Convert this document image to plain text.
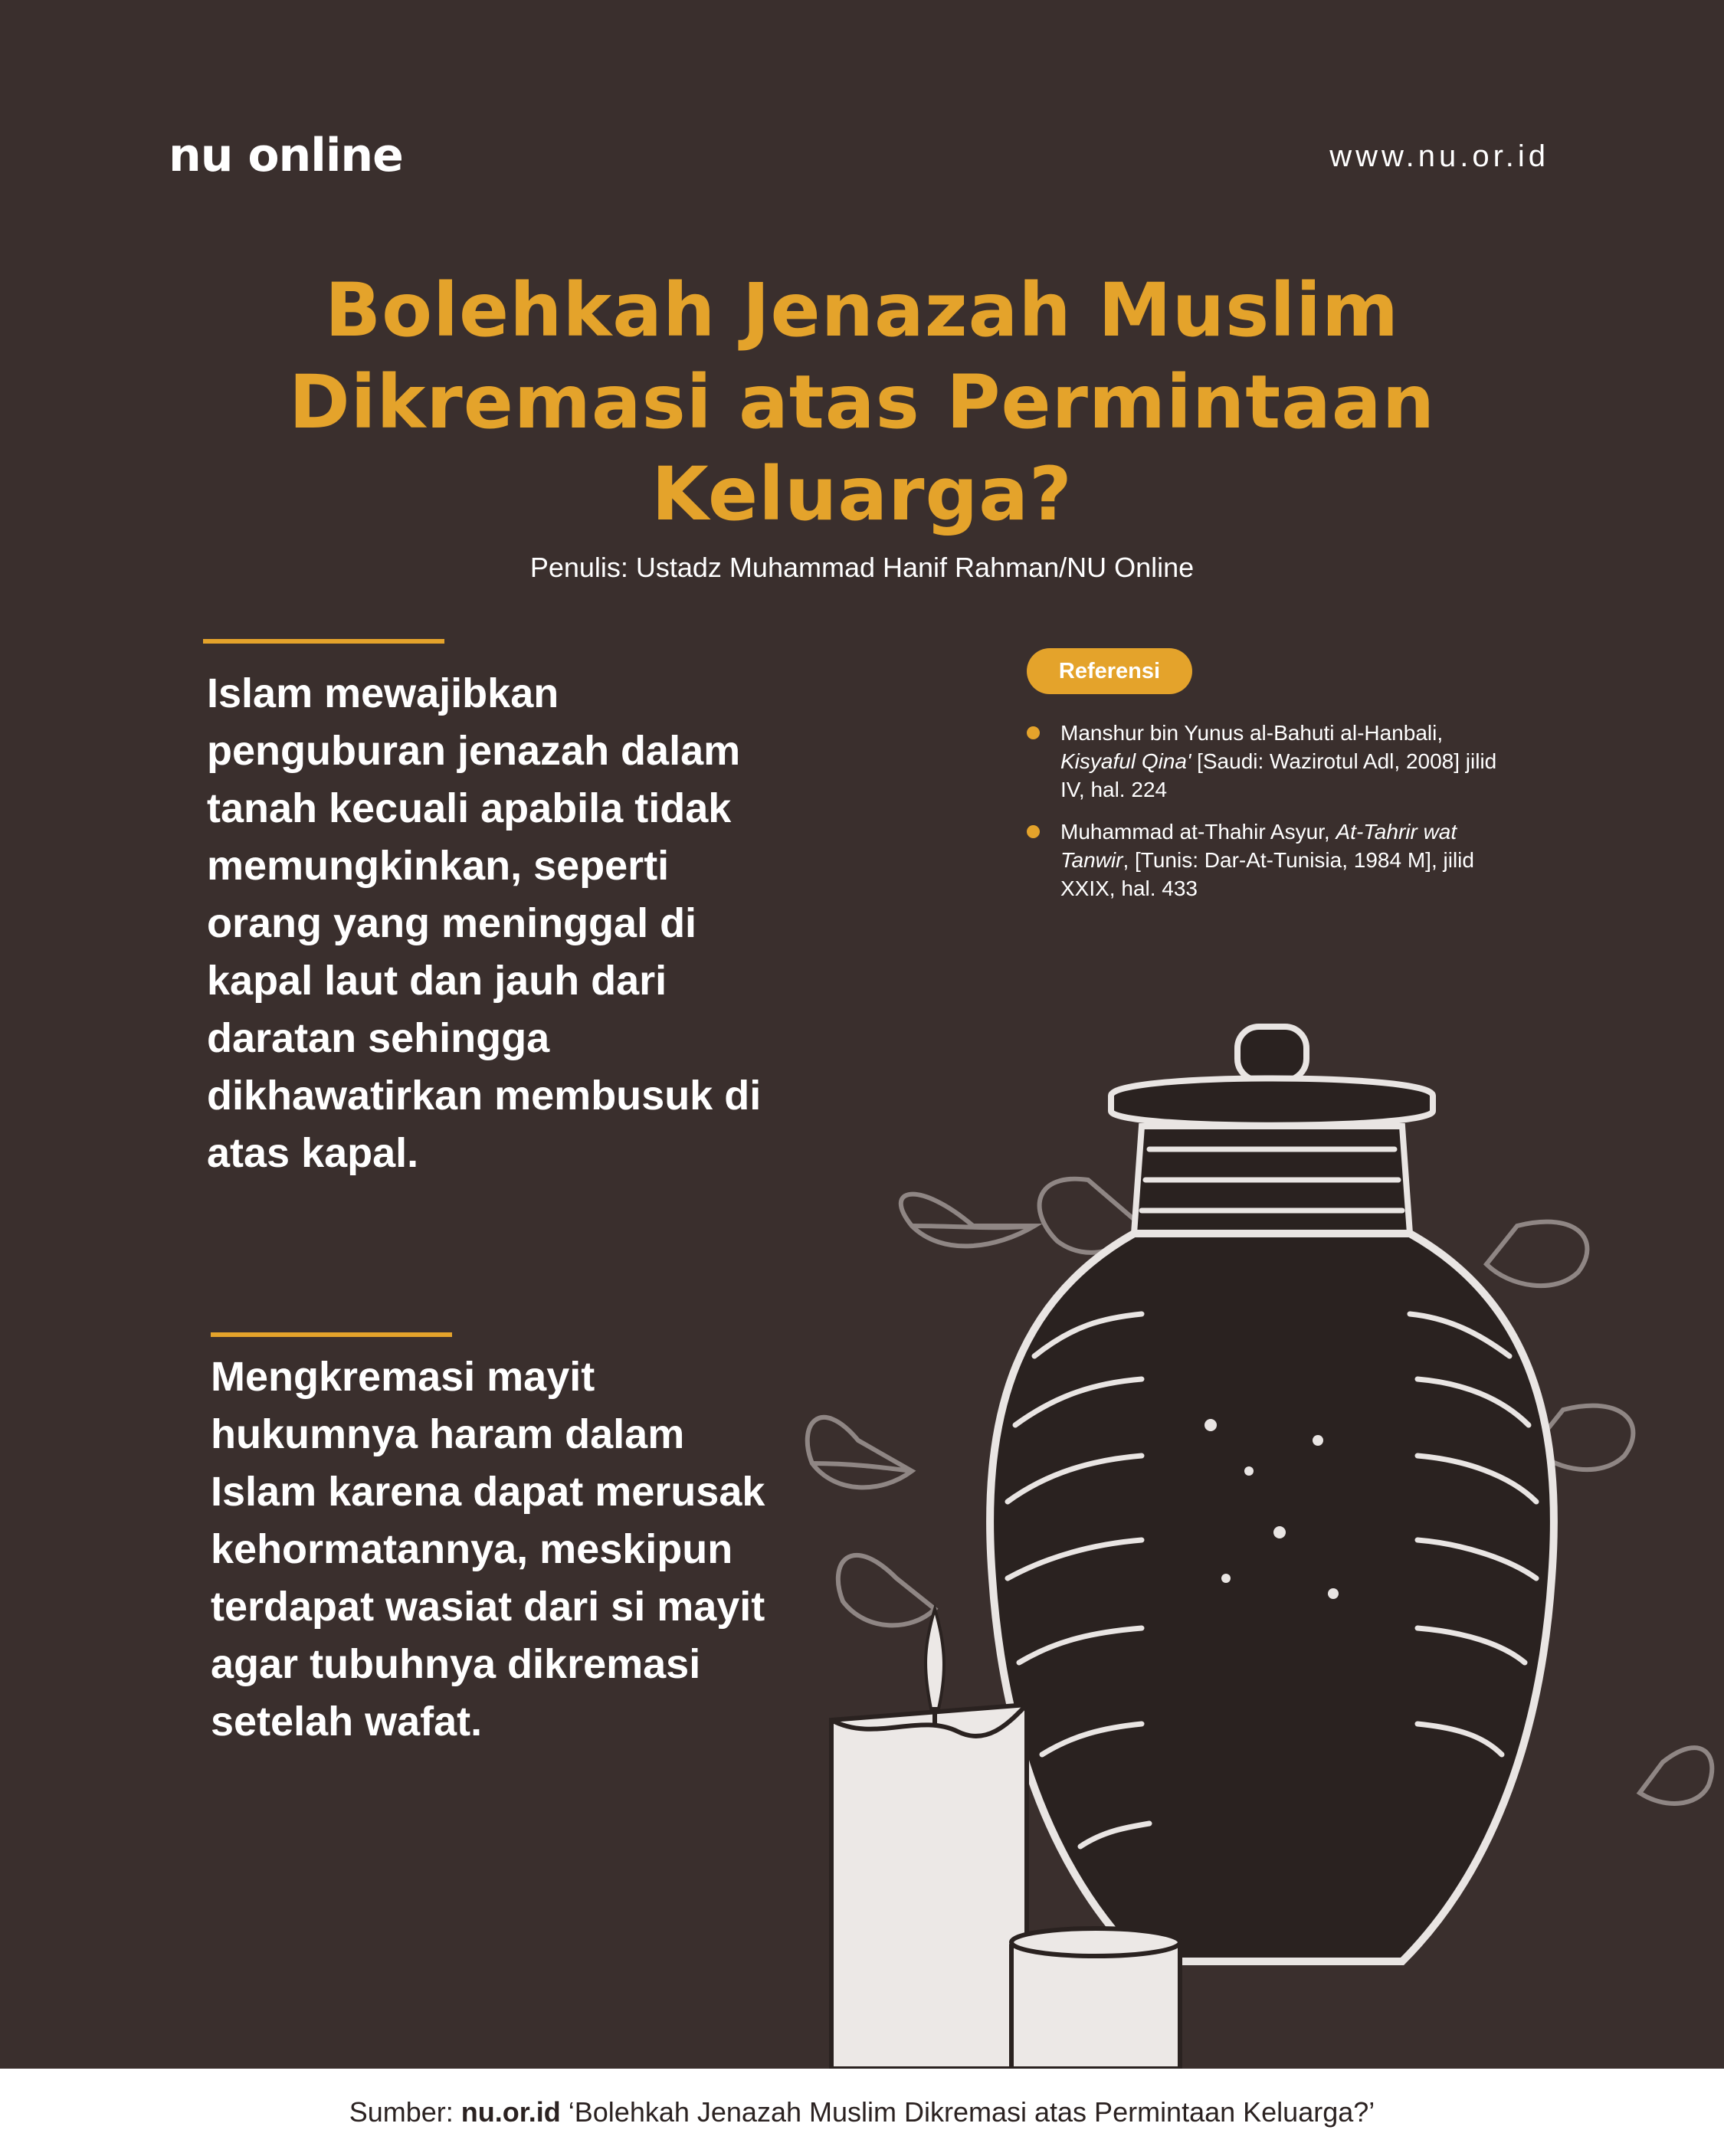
nu online	www.nu.or.id
Bolehkah Jenazah Muslim
Dikremasi atas Permintaan
Keluarga?
Penulis: Ustadz Muhammad Hanif Rahman/NU Online
Islam mewajibkan penguburan jenazah dalam tanah kecuali apabila tidak memungkinkan, seperti orang yang meninggal di kapal laut dan jauh dari daratan sehingga dikhawatirkan membusuk di atas kapal.
Mengkremasi mayit hukumnya haram dalam Islam karena dapat merusak kehormatannya, meskipun terdapat wasiat dari si mayit agar tubuhnya dikremasi setelah wafat.
Referensi
Manshur bin Yunus al-Bahuti al-Hanbali, Kisyaful Qina' [Saudi: Wazirotul Adl, 2008] jilid IV, hal. 224
Muhammad at-Thahir Asyur, At-Tahrir wat Tanwir, [Tunis: Dar-At-Tunisia, 1984 M], jilid XXIX, hal. 433
Sumber: nu.or.id ‘Bolehkah Jenazah Muslim Dikremasi atas Permintaan Keluarga?’
